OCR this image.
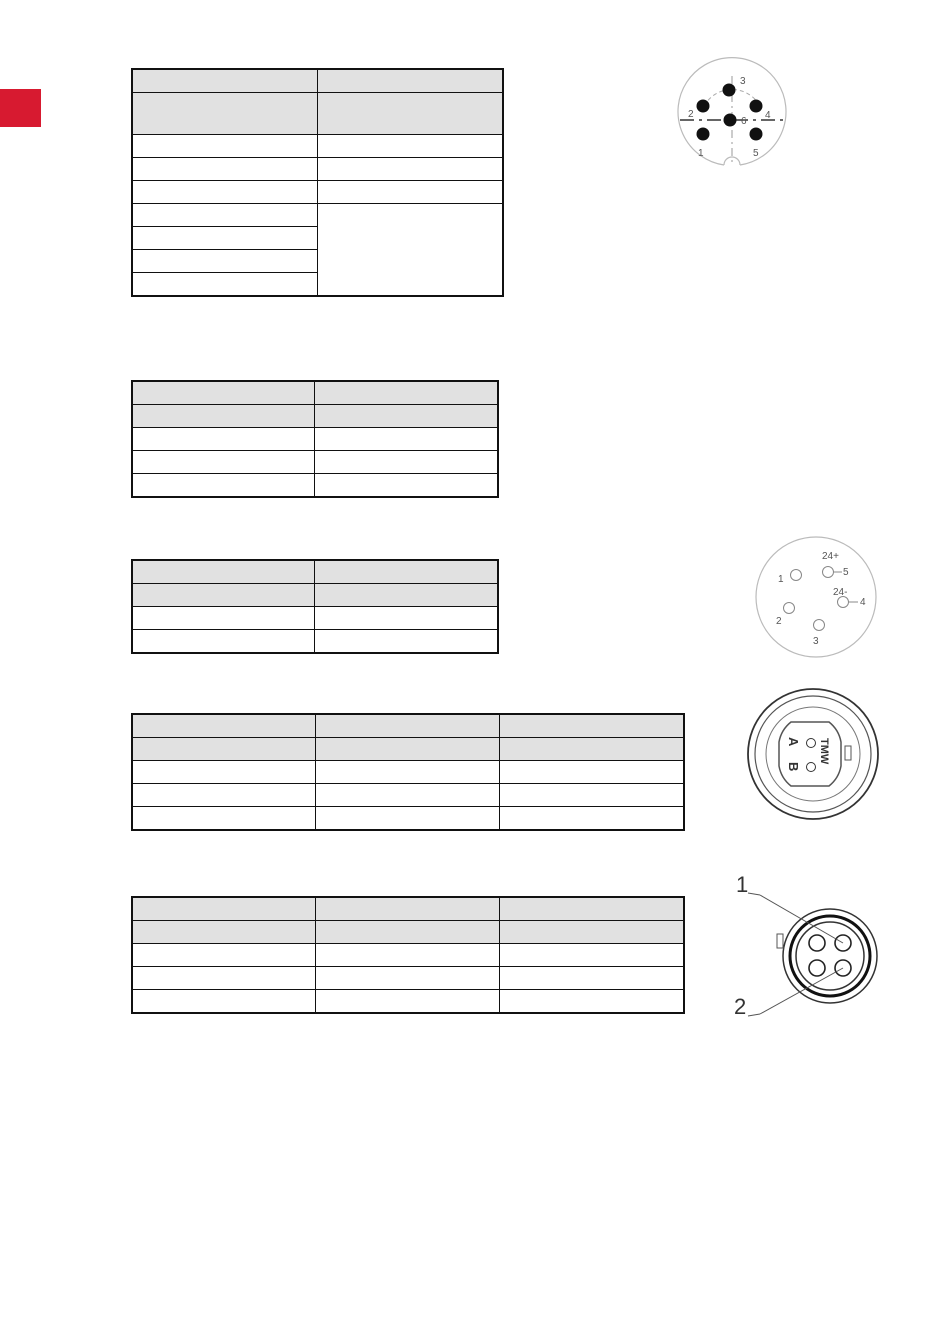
3
2	4
6
1	5
24+
24-
1
2
3
4
5
A
B
TMW
1
2
